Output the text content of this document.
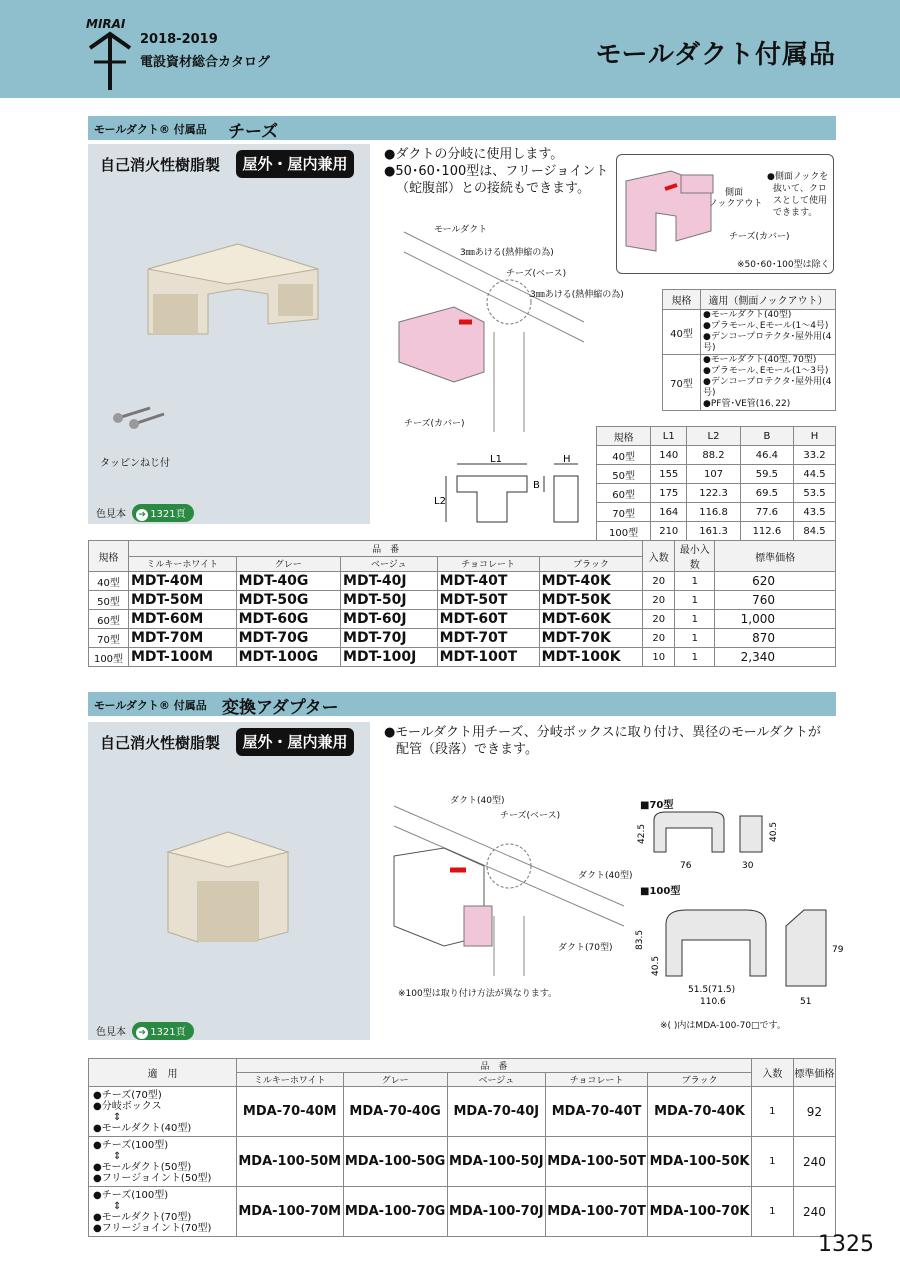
MIRAI
2018-2019
電設資材総合カタログ	モールダクト付属品
モールダクト® 付属品 チーズ
自己消火性樹脂製	屋外・屋内兼用
タッピンねじ付
色見本 ➔ 1321頁
●ダクトの分岐に使用します。
●50･60･100型は、フリージョイント
（蛇腹部）との接続もできます。
モールダクト
3㎜あける(熱伸縮の為)
チーズ(ベース)
3㎜あける(熱伸縮の為)
チーズ(カバー)
側面
ノックアウト
●側面ノックを
抜いて、クロ
スとして使用
できます。
チーズ(カバー)
※50･60･100型は除く
規格	適用（側面ノックアウト）
40型	●モールダクト(40型)
●プラモール､Eモール(1～4号)
●デンコープロテクタ･屋外用(4号)

70型	●モールダクト(40型､70型)
●プラモール､Eモール(1～3号)
●デンコープロテクタ･屋外用(4号)
●PF管･VE管(16､22)
規格	L1	L2	B	H
40型	140	88.2	46.4	33.2
50型	155	107	59.5	44.5
60型	175	122.3	69.5	53.5
70型	164	116.8	77.6	43.5
100型	210	161.3	112.6	84.5
L1
L2
B
H
規格	品　番					入数	最小入数	標準価格
	ミルキーホワイト	グレー	ベージュ	チョコレート	ブラック			
40型	MDT-40M	MDT-40G	MDT-40J	MDT-40T	MDT-40K	20	1	620
50型	MDT-50M	MDT-50G	MDT-50J	MDT-50T	MDT-50K	20	1	760
60型	MDT-60M	MDT-60G	MDT-60J	MDT-60T	MDT-60K	20	1	1,000
70型	MDT-70M	MDT-70G	MDT-70J	MDT-70T	MDT-70K	20	1	870
100型	MDT-100M	MDT-100G	MDT-100J	MDT-100T	MDT-100K	10	1	2,340
モールダクト® 付属品 変換アダプター
自己消火性樹脂製	屋外・屋内兼用
色見本 ➔ 1321頁
●モールダクト用チーズ、分岐ボックスに取り付け、異径のモールダクトが
配管（段落）できます。
ダクト(40型)
チーズ(ベース)
ダクト(40型)
ダクト(70型)
※100型は取り付け方法が異なります。
■70型
42.5
76
40.5
30
■100型
83.5
40.5
51.5(71.5)
110.6
79
51
※( )内はMDA-100-70□です。
適　用	品　番					入数	標準価格
	ミルキーホワイト	グレー	ベージュ	チョコレート	ブラック		

●チーズ(70型)
●分岐ボックス
⇕
●モールダクト(40型)	MDA-70-40M	MDA-70-40G	MDA-70-40J	MDA-70-40T	MDA-70-40K	1	92

●チーズ(100型)
⇕
●モールダクト(50型)
●フリージョイント(50型)	MDA-100-50M	MDA-100-50G	MDA-100-50J	MDA-100-50T	MDA-100-50K	1	240

●チーズ(100型)
⇕
●モールダクト(70型)
●フリージョイント(70型)	MDA-100-70M	MDA-100-70G	MDA-100-70J	MDA-100-70T	MDA-100-70K	1	240
1325
